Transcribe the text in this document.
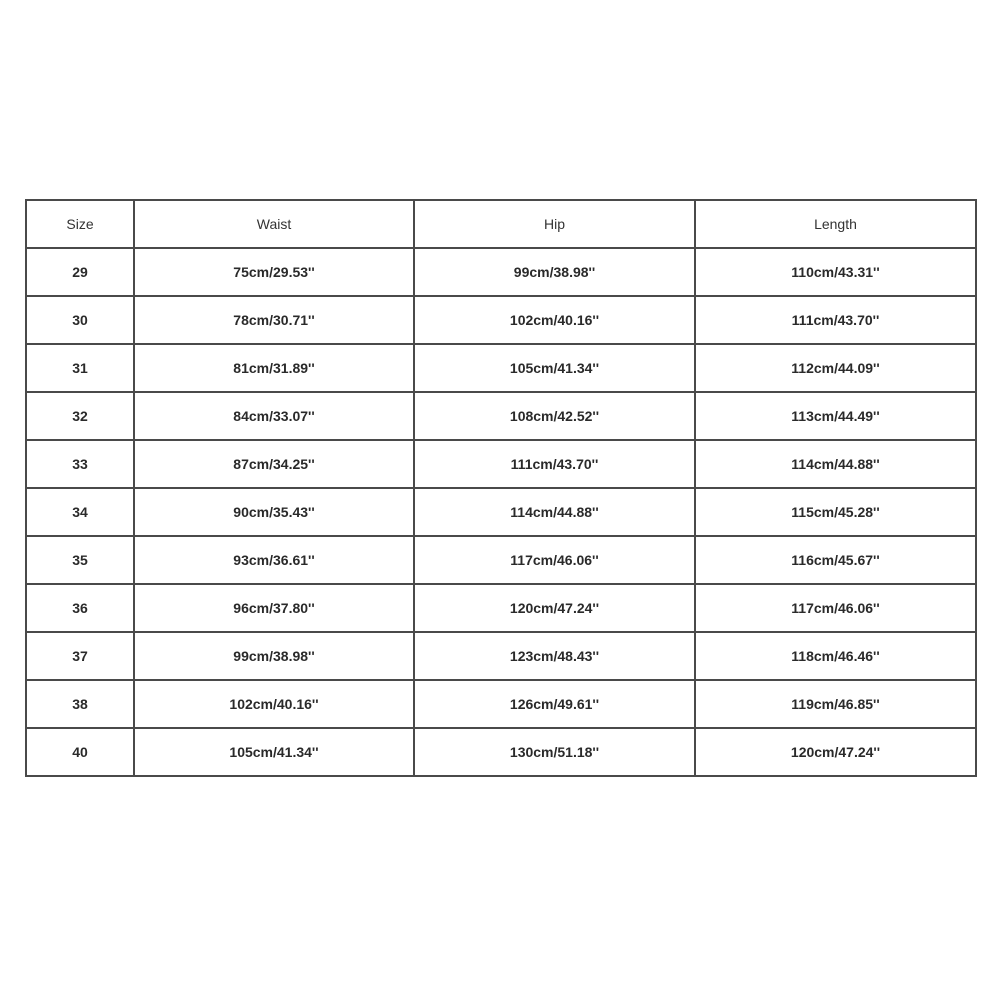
Size	Waist	Hip	Length
29	75cm/29.53''	99cm/38.98''	110cm/43.31''
30	78cm/30.71''	102cm/40.16''	111cm/43.70''
31	81cm/31.89''	105cm/41.34''	112cm/44.09''
32	84cm/33.07''	108cm/42.52''	113cm/44.49''
33	87cm/34.25''	111cm/43.70''	114cm/44.88''
34	90cm/35.43''	114cm/44.88''	115cm/45.28''
35	93cm/36.61''	117cm/46.06''	116cm/45.67''
36	96cm/37.80''	120cm/47.24''	117cm/46.06''
37	99cm/38.98''	123cm/48.43''	118cm/46.46''
38	102cm/40.16''	126cm/49.61''	119cm/46.85''
40	105cm/41.34''	130cm/51.18''	120cm/47.24''
